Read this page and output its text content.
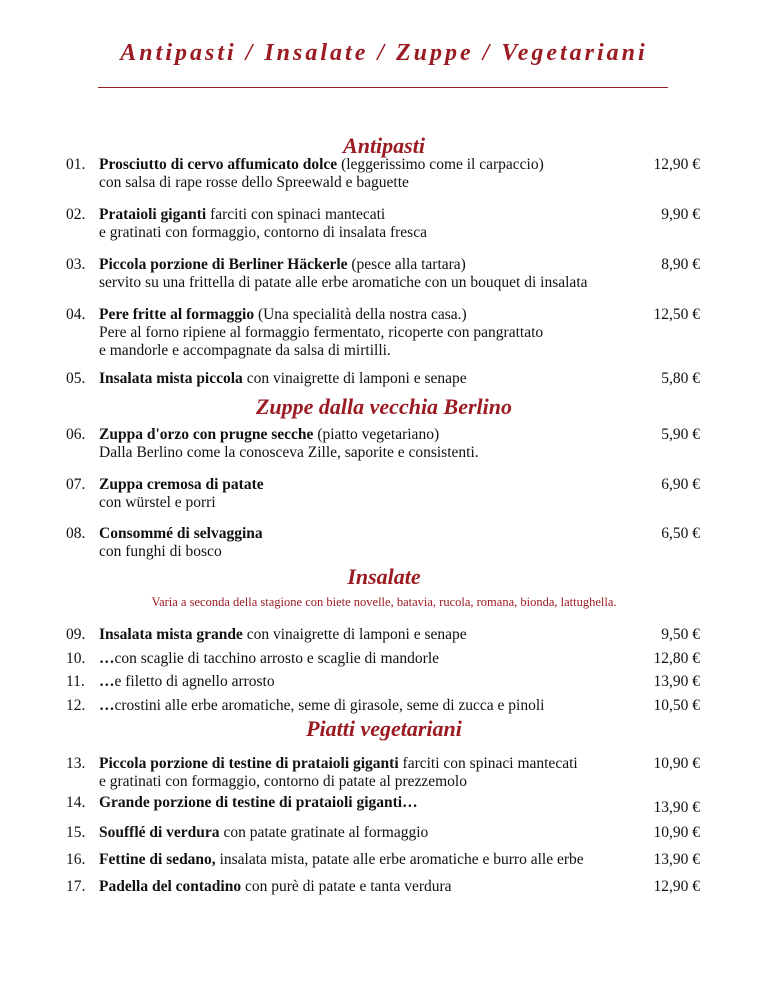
Antipasti / Insalate / Zuppe / Vegetariani
Antipasti
Zuppe dalla vecchia Berlino
Insalate
Varia a seconda della stagione con biete novelle, batavia, rucola, romana, bionda, lattughella.
Piatti vegetariani
01. Prosciutto di cervo affumicato dolce (leggerissimo come il carpaccio)
con salsa di rape rosse dello Spreewald e baguette
12,90 €
02. Prataioli giganti farciti con spinaci mantecati
e gratinati con formaggio, contorno di insalata fresca
9,90 €
03. Piccola porzione di Berliner Häckerle (pesce alla tartara)
servito su una frittella di patate alle erbe aromatiche con un bouquet di insalata
8,90 €
04. Pere fritte al formaggio (Una specialità della nostra casa.)
Pere al forno ripiene al formaggio fermentato, ricoperte con pangrattato
e mandorle e accompagnate da salsa di mirtilli.
12,50 €
05. Insalata mista piccola con vinaigrette di lamponi e senape	5,80 €
06. Zuppa d'orzo con prugne secche (piatto vegetariano)
Dalla Berlino come la conosceva Zille, saporite e consistenti.
5,90 €
07. Zuppa cremosa di patate
con würstel e porri
6,90 €
08. Consommé di selvaggina
con funghi di bosco
6,50 €
09. Insalata mista grande con vinaigrette di lamponi e senape	9,50 €
10. …con scaglie di tacchino arrosto e scaglie di mandorle	12,80 €
11. …e filetto di agnello arrosto	13,90 €
12. …crostini alle erbe aromatiche, seme di girasole, seme di zucca e pinoli	10,50 €
13. Piccola porzione di testine di prataioli giganti farciti con spinaci mantecati
e gratinati con formaggio, contorno di patate al prezzemolo
10,90 €
14. Grande porzione di testine di prataioli giganti…	13,90 €
15. Soufflé di verdura con patate gratinate al formaggio	10,90 €
16. Fettine di sedano, insalata mista, patate alle erbe aromatiche e burro alle erbe	13,90 €
17. Padella del contadino con purè di patate e tanta verdura	12,90 €
